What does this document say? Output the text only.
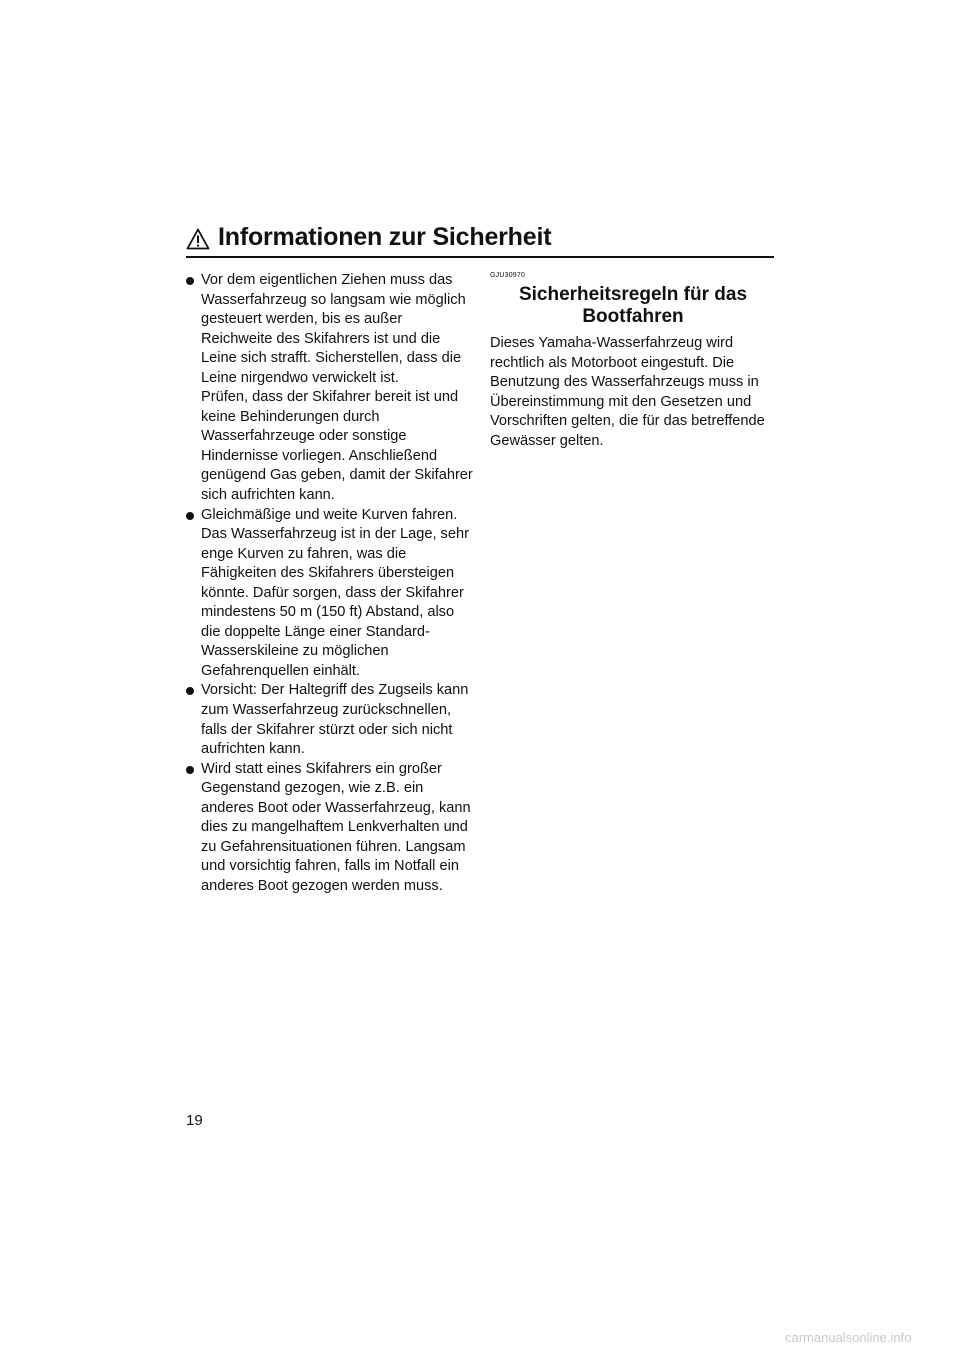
Informationen zur Sicherheit

Vor dem eigentlichen Ziehen muss das Wasserfahrzeug so langsam wie möglich gesteuert werden, bis es außer Reichweite des Skifahrers ist und die Leine sich strafft. Sicherstellen, dass die Leine nirgendwo verwickelt ist.

Prüfen, dass der Skifahrer bereit ist und keine Behinderungen durch Wasserfahrzeuge oder sonstige Hindernisse vorliegen. Anschließend genügend Gas geben, damit der Skifahrer sich aufrichten kann.

Gleichmäßige und weite Kurven fahren. Das Wasserfahrzeug ist in der Lage, sehr enge Kurven zu fahren, was die Fähigkeiten des Skifahrers übersteigen könnte. Dafür sorgen, dass der Skifahrer mindestens 50 m (150 ft) Abstand, also die doppelte Länge einer Standard-Wasserskileine zu möglichen Gefahrenquellen einhält.

Vorsicht: Der Haltegriff des Zugseils kann zum Wasserfahrzeug zurückschnellen, falls der Skifahrer stürzt oder sich nicht aufrichten kann.

Wird statt eines Skifahrers ein großer Gegenstand gezogen, wie z.B. ein anderes Boot oder Wasserfahrzeug, kann dies zu mangelhaftem Lenkverhalten und zu Gefahrensituationen führen. Langsam und vorsichtig fahren, falls im Notfall ein anderes Boot gezogen werden muss.

GJU30970
Sicherheitsregeln für das
Bootfahren

Dieses Yamaha-Wasserfahrzeug wird rechtlich als Motorboot eingestuft. Die Benutzung des Wasserfahrzeugs muss in Übereinstimmung mit den Gesetzen und Vorschriften gelten, die für das betreffende Gewässer gelten.

19
carmanualsonline.info
